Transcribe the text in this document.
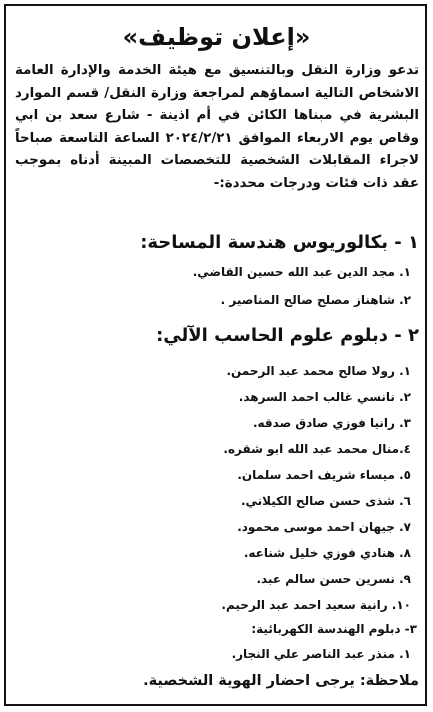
«إعلان توظيف»
تدعو وزارة النقل وبالتنسيق مع هيئة الخدمة والإدارة العامة الاشخاص التالية اسماؤهم لمراجعة وزارة النقل/ قسم الموارد البشرية في مبناها الكائن في أم اذينة - شارع سعد بن ابي وقاص يوم الاربعاء الموافق ٢٠٢٤/٢/٢١ الساعة التاسعة صباحاً لاجراء المقابلات الشخصية للتخصصات المبينة أدناه بموجب عقد ذات فئات ودرجات محددة:-
١ - بكالوريوس هندسة المساحة:
١. مجد الدين عبد الله حسين القاضي.
٢. شاهناز مصلح صالح المناصير .
٢ - دبلوم علوم الحاسب الآلي:
١. رولا صالح محمد عبد الرحمن.
٢. نانسي غالب احمد السرهد.
٣. رانيا فوزي صادق صدقه.
٤.منال محمد عبد الله ابو شقره.
٥. ميساء شريف احمد سلمان.
٦. شذى حسن صالح الكيلاني.
٧. جيهان احمد موسى محمود.
٨. هنادي فوزي خليل شناعه.
٩. نسرين حسن سالم عبد.
١٠. رانية سعيد احمد عبد الرحيم.
٣- دبلوم الهندسة الكهربائية:
١. منذر عبد الناصر علي النجار.
ملاحظة: يرجى احضار الهوية الشخصية.
